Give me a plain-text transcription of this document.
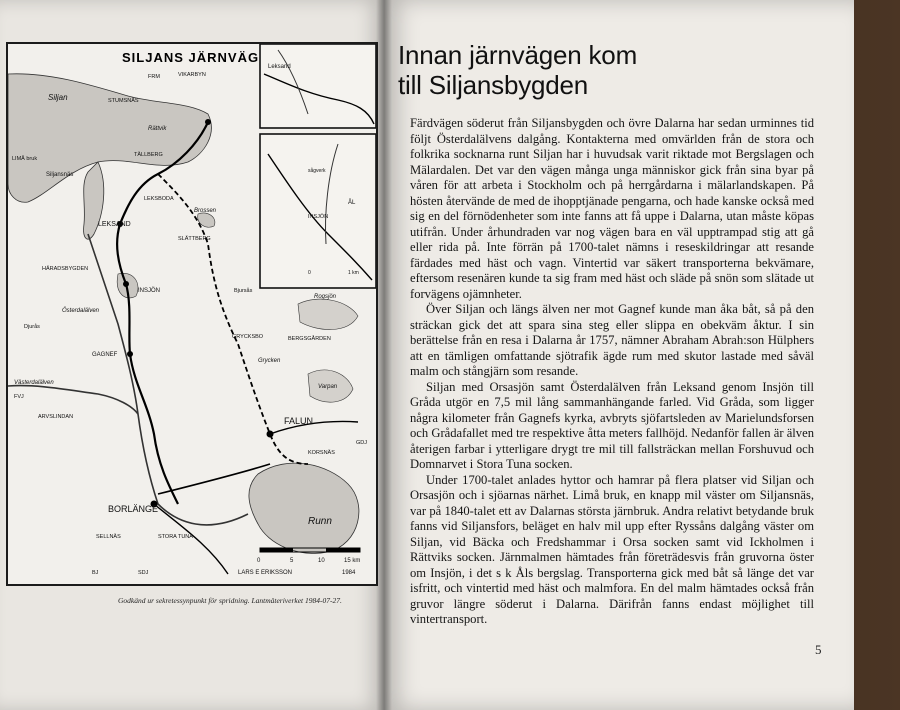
SILJANS JÄRNVÄG
Siljan
Rättvik
STUMSNÄS
VIKARBYN
FRM
LIMÅ bruk
Siljansnäs
TÄLLBERG
LEKSAND
LEKSBODA
Brossen
SLÄTTBERG
HÄRADSBYGDEN
INSJÖN
Österdalälven
Djurås
GAGNEF
Västerdalälven
FVJ
ARVSLINDAN
Bjursås
Rogsjön
GRYCKSBO
Grycken
BERGSGÅRDEN
Varpan
FALUN
KORSNÄS
GDJ
Runn
BORLÄNGE
SELLNÄS	STORA TUNA
SDJ
BJ
Leksand
INSJÖN
ÅL
sågverk
0	1 km
0	5	10	15 km
LARS E ERIKSSON	1984
Godkänd ur sekretessynpunkt för spridning. Lantmäteriverket 1984-07-27.
Innan järnvägen kom
till Siljansbygden

Färdvägen söderut från Siljansbygden och övre Dalarna har sedan urminnes tid följt Österdalälvens dalgång. Kontakterna med omvärlden från de stora och folkrika socknarna runt Siljan har i huvudsak varit riktade mot Bergslagen och Mälardalen. Det var den vägen många unga människor gick från sina byar på våren för att arbeta i Stockholm och på herrgårdarna i mälarlandskapen. På hösten återvände de med de ihopptjänade pengarna, och hade kanske också med sig en del förnödenheter som inte fanns att få uppe i Dalarna, utan måste köpas utifrån. Under århundraden var nog vägen bara en väl upptrampad stig att gå eller rida på. Inte förrän på 1700-talet nämns i reseskildringar att resande färdades med häst och vagn. Vintertid var säkert transporterna bekvämare, eftersom resenären kunde ta sig fram med häst och släde på snön som slätade ut forvägens ojämnheter.

Över Siljan och längs älven ner mot Gagnef kunde man åka båt, så på den sträckan gick det att spara sina steg eller slippa en obekväm åktur. I sin berättelse från en resa i Dalarna år 1757, nämner Abraham Abrah:son Hülphers att en tämligen omfattande sjötrafik ägde rum med skutor lastade med såväl malm och stångjärn som resande.

Siljan med Orsasjön samt Österdalälven från Leksand genom Insjön till Gråda utgör en 7,5 mil lång sammanhängande farled. Vid Gråda, som ligger några kilometer från Gagnefs kyrka, avbryts sjöfartsleden av Marielundsforsen och Grådafallet med tre respektive åtta meters fallhöjd. Nedanför fallen är älven återigen farbar i ytterligare drygt tre mil till fallsträckan mellan Forshuvud och Domnarvet i Stora Tuna socken.

Under 1700-talet anlades hyttor och hamrar på flera platser vid Siljan och Orsasjön och i sjöarnas närhet. Limå bruk, en knapp mil väster om Siljansnäs, var på 1840-talet ett av Dalarnas största järnbruk. Andra relativt betydande bruk fanns vid Siljansfors, beläget en halv mil upp efter Ryssåns dalgång väster om Siljan, vid Bäcka och Fredshammar i Orsa socken samt vid Ickholmen i Rättviks socken. Järnmalmen hämtades från företrädesvis från gruvorna öster om Insjön, i det s k Åls bergslag. Transporterna gick med båt så länge det var isfritt, och vintertid med häst och malmfora. En del malm hämtades också från gruvor längre söderut i Dalarna. Därifrån fanns endast möjlighet till vintertransport.

5
